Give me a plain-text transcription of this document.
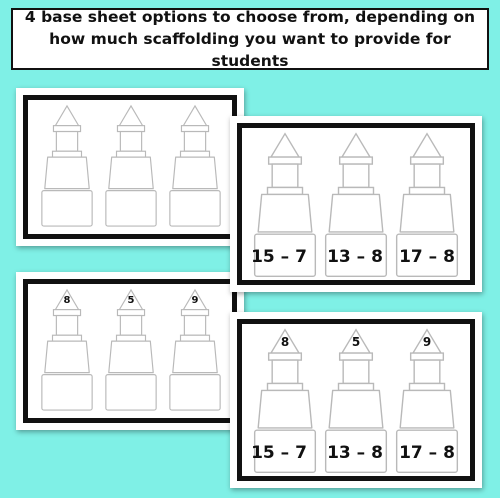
4 base sheet options to choose from, depending on
how much scaffolding you want to provide for students
8	5	9
15 – 7	13 – 8 17 – 8
8	5	9
15 – 7	13 – 8 17 – 8
